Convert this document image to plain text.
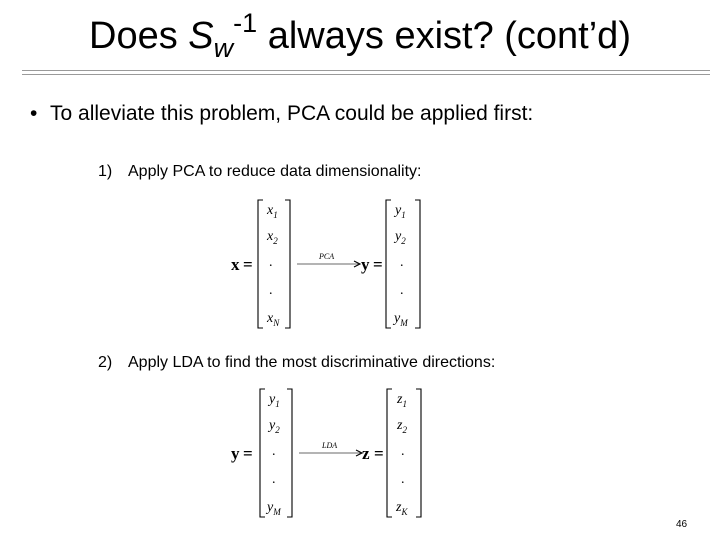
Does $S_w^{-1}$ always exist? (cont’d)
• To alleviate this problem, PCA could be applied first:
1) Apply PCA to reduce data dimensionality:
x =
$x_1$
$x_2$
.
.
$x_N$
PCA y =
$y_1$
$y_2$
.
.
$y_M$
2) Apply LDA to find the most discriminative directions:
y =
$y_1$
$y_2$
.
.
$y_M$
LDA z =
$z_1$
$z_2$
.
.
$z_K$
46
